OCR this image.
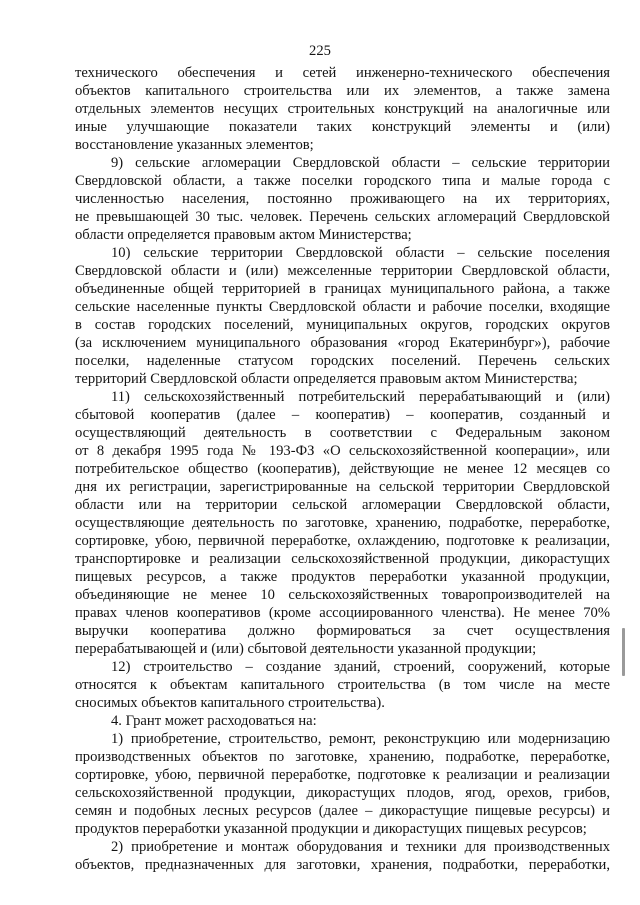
225
технического обеспечения и сетей инженерно-технического обеспечения
объектов капитального строительства или их элементов, а также замена
отдельных элементов несущих строительных конструкций на аналогичные или
иные улучшающие показатели таких конструкций элементы и (или)
восстановление указанных элементов;
9) сельские агломерации Свердловской области – сельские территории
Свердловской области, а также поселки городского типа и малые города с
численностью населения, постоянно проживающего на их территориях,
не превышающей 30 тыс. человек. Перечень сельских агломераций Свердловской
области определяется правовым актом Министерства;
10) сельские территории Свердловской области – сельские поселения
Свердловской области и (или) межселенные территории Свердловской области,
объединенные общей территорией в границах муниципального района, а также
сельские населенные пункты Свердловской области и рабочие поселки, входящие
в состав городских поселений, муниципальных округов, городских округов
(за исключением муниципального образования «город Екатеринбург»), рабочие
поселки, наделенные статусом городских поселений. Перечень сельских
территорий Свердловской области определяется правовым актом Министерства;
11) сельскохозяйственный потребительский перерабатывающий и (или)
сбытовой кооператив (далее – кооператив) – кооператив, созданный и
осуществляющий деятельность в соответствии с Федеральным законом
от 8 декабря 1995 года № 193-ФЗ «О сельскохозяйственной кооперации», или
потребительское общество (кооператив), действующие не менее 12 месяцев со
дня их регистрации, зарегистрированные на сельской территории Свердловской
области или на территории сельской агломерации Свердловской области,
осуществляющие деятельность по заготовке, хранению, подработке, переработке,
сортировке, убою, первичной переработке, охлаждению, подготовке к реализации,
транспортировке и реализации сельскохозяйственной продукции, дикорастущих
пищевых ресурсов, а также продуктов переработки указанной продукции,
объединяющие не менее 10 сельскохозяйственных товаропроизводителей на
правах членов кооперативов (кроме ассоциированного членства). Не менее 70%
выручки кооператива должно формироваться за счет осуществления
перерабатывающей и (или) сбытовой деятельности указанной продукции;
12) строительство – создание зданий, строений, сооружений, которые
относятся к объектам капитального строительства (в том числе на месте
сносимых объектов капитального строительства).
4. Грант может расходоваться на:
1) приобретение, строительство, ремонт, реконструкцию или модернизацию
производственных объектов по заготовке, хранению, подработке, переработке,
сортировке, убою, первичной переработке, подготовке к реализации и реализации
сельскохозяйственной продукции, дикорастущих плодов, ягод, орехов, грибов,
семян и подобных лесных ресурсов (далее – дикорастущие пищевые ресурсы) и
продуктов переработки указанной продукции и дикорастущих пищевых ресурсов;
2) приобретение и монтаж оборудования и техники для производственных
объектов, предназначенных для заготовки, хранения, подработки, переработки,
